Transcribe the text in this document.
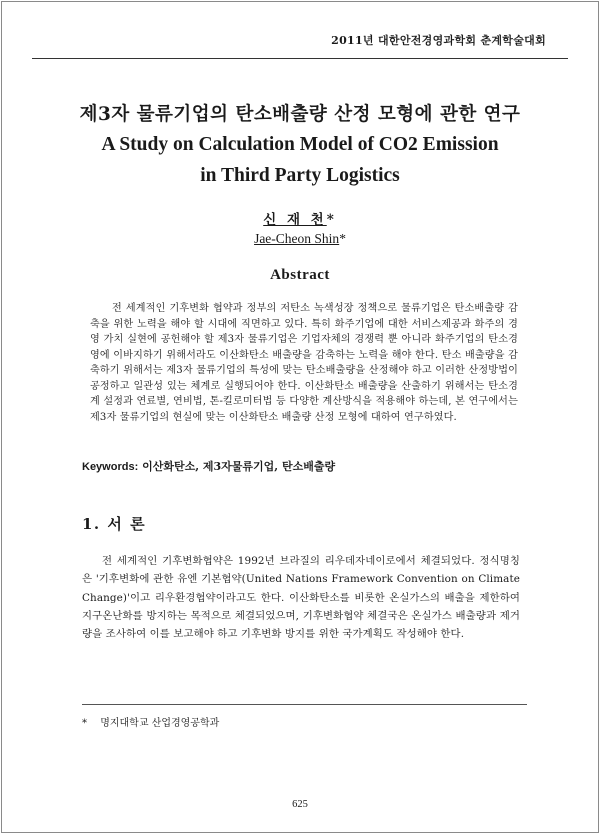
2011년 대한안전경영과학회 춘계학술대회
제3자 물류기업의 탄소배출량 산정 모형에 관한 연구
A Study on Calculation Model of CO2 Emission
in Third Party Logistics
신 재 천*
Jae-Cheon Shin*
Abstract
전 세계적인 기후변화 협약과 정부의 저탄소 녹색성장 정책으로 물류기업은 탄소배출량 감축을 위한 노력을 해야 할 시대에 직면하고 있다. 특히 화주기업에 대한 서비스제공과 화주의 경영 가치 실현에 공헌해야 할 제3자 물류기업은 기업자체의 경쟁력 뿐 아니라 화주기업의 탄소경영에 이바지하기 위해서라도 이산화탄소 배출량을 감축하는 노력을 해야 한다. 탄소 배출량을 감축하기 위해서는 제3자 물류기업의 특성에 맞는 탄소배출량을 산정해야 하고 이러한 산정방법이 공정하고 일관성 있는 체계로 실행되어야 한다. 이산화탄소 배출량을 산출하기 위해서는 탄소경계 설정과 연료별, 연비법, 톤-킬로미터법 등 다양한 계산방식을 적용해야 하는데, 본 연구에서는 제3자 물류기업의 현실에 맞는 이산화탄소 배출량 산정 모형에 대하여 연구하였다.
Keywords: 이산화탄소, 제3자물류기업, 탄소배출량
1. 서 론
전 세계적인 기후변화협약은 1992년 브라질의 리우데자네이로에서 체결되었다. 정식명칭은 '기후변화에 관한 유엔 기본협약(United Nations Framework Convention on Climate Change)'이고 리우환경협약이라고도 한다. 이산화탄소를 비롯한 온실가스의 배출을 제한하여 지구온난화를 방지하는 목적으로 체결되었으며, 기후변화협약 체결국은 온실가스 배출량과 제거량을 조사하여 이를 보고해야 하고 기후변화 방지를 위한 국가계획도 작성해야 한다.
* 명지대학교 산업경영공학과
625
